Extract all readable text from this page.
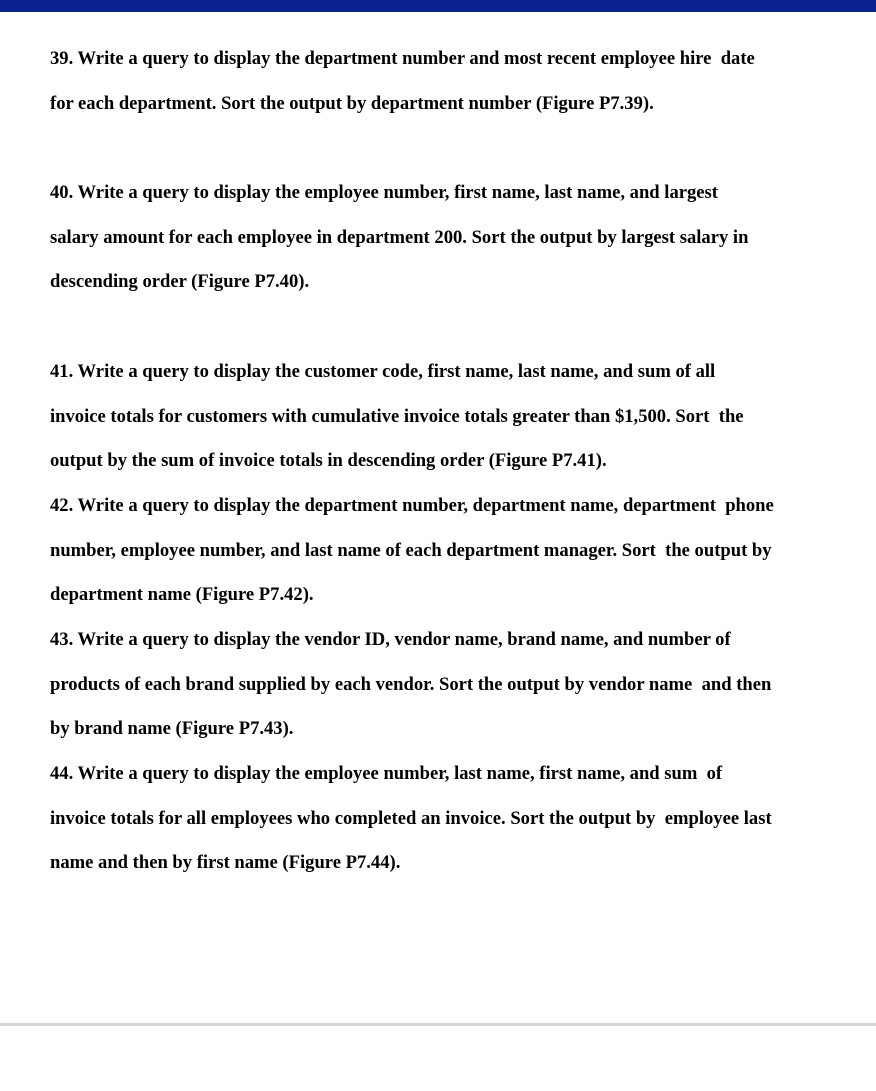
39. Write a query to display the department number and most recent employee hire  date
for each department. Sort the output by department number (Figure P7.39).
40. Write a query to display the employee number, first name, last name, and largest
salary amount for each employee in department 200. Sort the output by largest salary in
descending order (Figure P7.40).
41. Write a query to display the customer code, first name, last name, and sum of all
invoice totals for customers with cumulative invoice totals greater than $1,500. Sort  the
output by the sum of invoice totals in descending order (Figure P7.41).
42. Write a query to display the department number, department name, department  phone
number, employee number, and last name of each department manager. Sort  the output by
department name (Figure P7.42).
43. Write a query to display the vendor ID, vendor name, brand name, and number of
products of each brand supplied by each vendor. Sort the output by vendor name  and then
by brand name (Figure P7.43).
44. Write a query to display the employee number, last name, first name, and sum  of
invoice totals for all employees who completed an invoice. Sort the output by  employee last
name and then by first name (Figure P7.44).
